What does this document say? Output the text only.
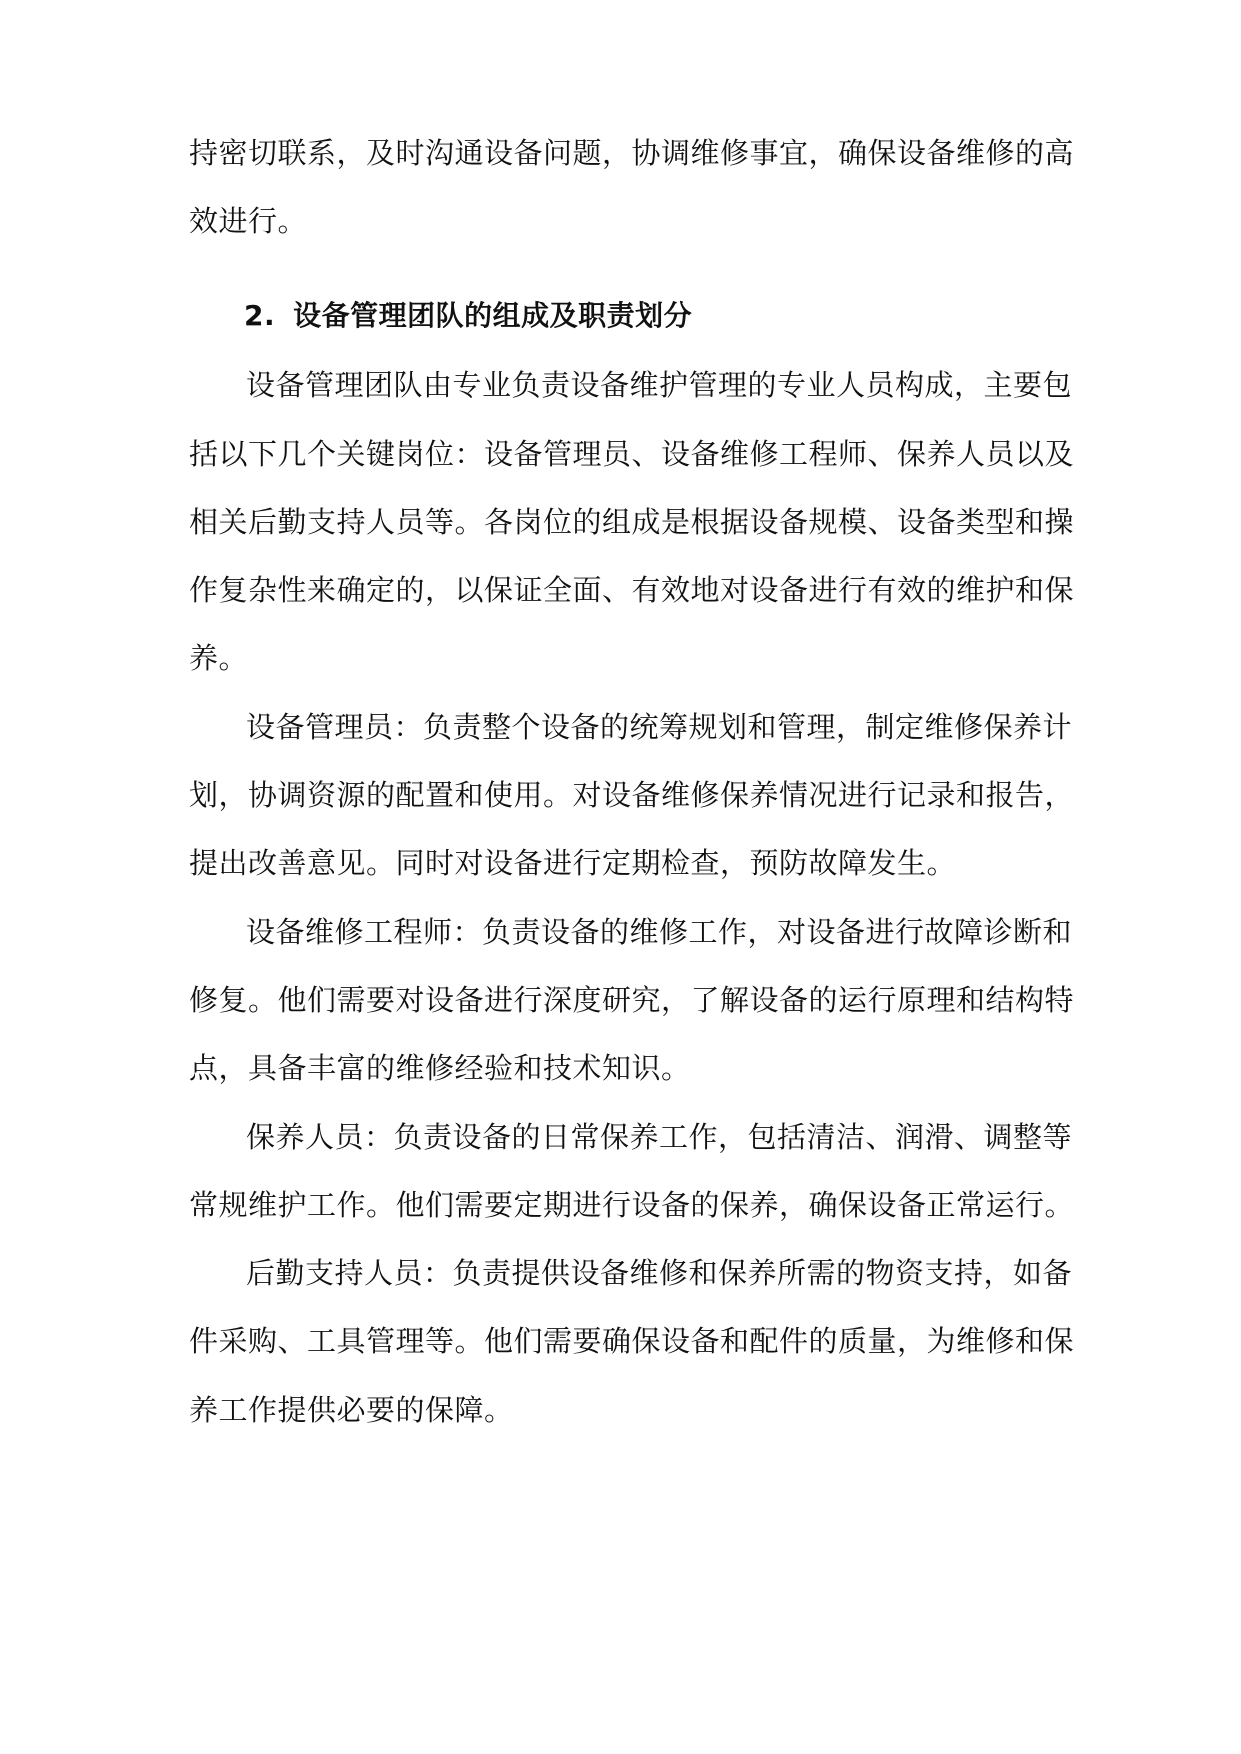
持密切联系，及时沟通设备问题，协调维修事宜，确保设备维修的高
效进行。
2. 设备管理团队的组成及职责划分
设备管理团队由专业负责设备维护管理的专业人员构成，主要包
括以下几个关键岗位：设备管理员、设备维修工程师、保养人员以及
相关后勤支持人员等。各岗位的组成是根据设备规模、设备类型和操
作复杂性来确定的，以保证全面、有效地对设备进行有效的维护和保
养。
设备管理员：负责整个设备的统筹规划和管理，制定维修保养计
划，协调资源的配置和使用。对设备维修保养情况进行记录和报告，
提出改善意见。同时对设备进行定期检查，预防故障发生。
设备维修工程师：负责设备的维修工作，对设备进行故障诊断和
修复。他们需要对设备进行深度研究，了解设备的运行原理和结构特
点，具备丰富的维修经验和技术知识。
保养人员：负责设备的日常保养工作，包括清洁、润滑、调整等
常规维护工作。他们需要定期进行设备的保养，确保设备正常运行。
后勤支持人员：负责提供设备维修和保养所需的物资支持，如备
件采购、工具管理等。他们需要确保设备和配件的质量，为维修和保
养工作提供必要的保障。
